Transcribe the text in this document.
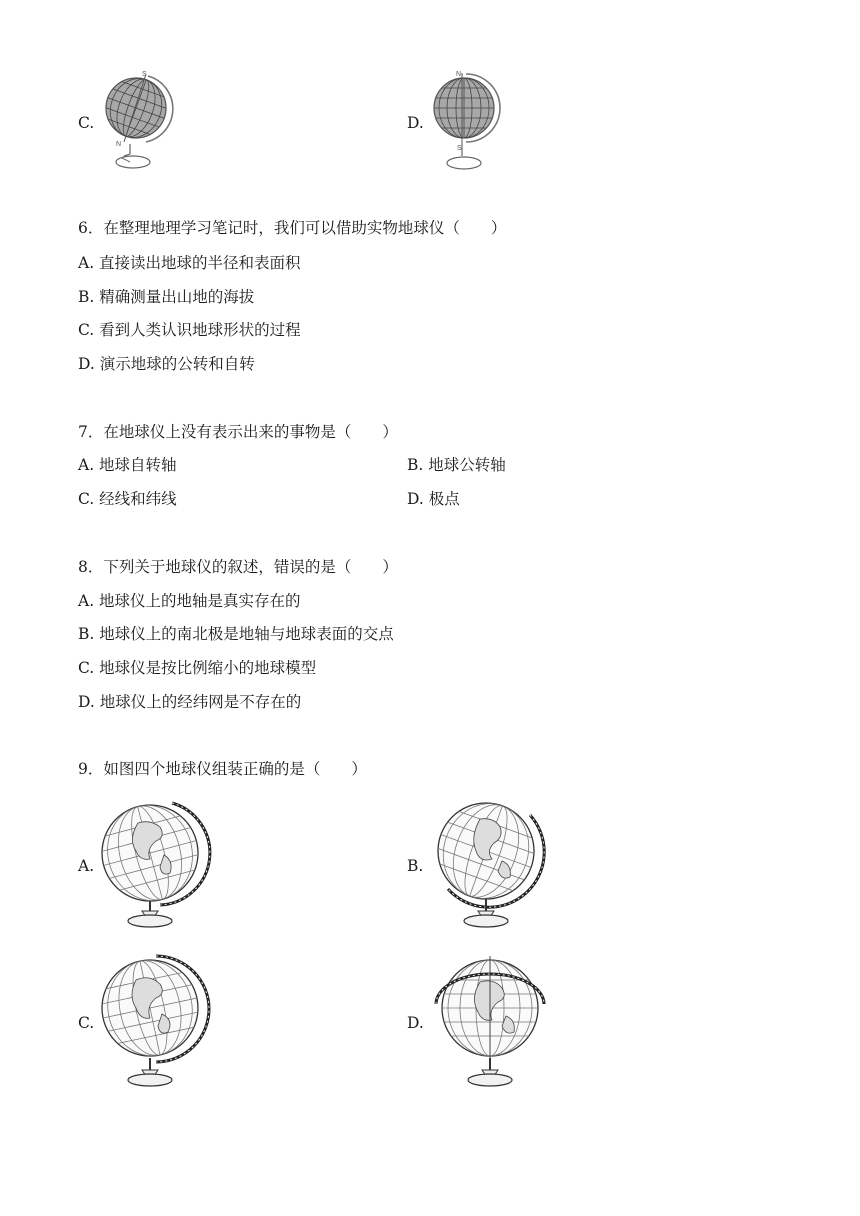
C.
S
N
D.
N
S
6．在整理地理学习笔记时，我们可以借助实物地球仪（　　）
A. 直接读出地球的半径和表面积
B. 精确测量出山地的海拔
C. 看到人类认识地球形状的过程
D. 演示地球的公转和自转
7．在地球仪上没有表示出来的事物是（　　）
A. 地球自转轴	B. 地球公转轴
C. 经线和纬线	D. 极点
8．下列关于地球仪的叙述，错误的是（　　）
A. 地球仪上的地轴是真实存在的
B. 地球仪上的南北极是地轴与地球表面的交点
C. 地球仪是按比例缩小的地球模型
D. 地球仪上的经纬网是不存在的
9．如图四个地球仪组装正确的是（　　）
A.	B.
C.	D.
